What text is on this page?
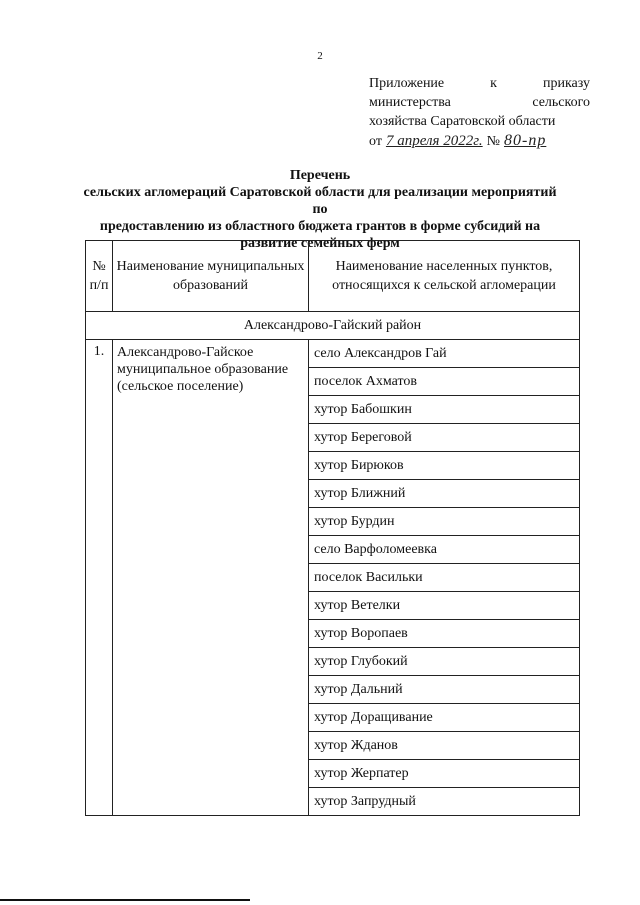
2
Приложение	к	приказу
министерства	сельского
хозяйства Саратовской области
от 7 апреля 2022г. № 80-пр
Перечень
сельских агломераций Саратовской области для реализации мероприятий по
предоставлению из областного бюджета грантов в форме субсидий на
развитие семейных ферм
№ п/п	Наименование муниципальных образований	Наименование населенных пунктов, относящихся к сельской агломерации
Александрово-Гайский район		
1.	Александрово-Гайское муниципальное образование (сельское поселение)	село Александров Гай
		поселок Ахматов
		хутор Бабошкин
		хутор Береговой
		хутор Бирюков
		хутор Ближний
		хутор Бурдин
		село Варфоломеевка
		поселок Васильки
		хутор Ветелки
		хутор Воропаев
		хутор Глубокий
		хутор Дальний
		хутор Доращивание
		хутор Жданов
		хутор Жерпатер
		хутор Запрудный
